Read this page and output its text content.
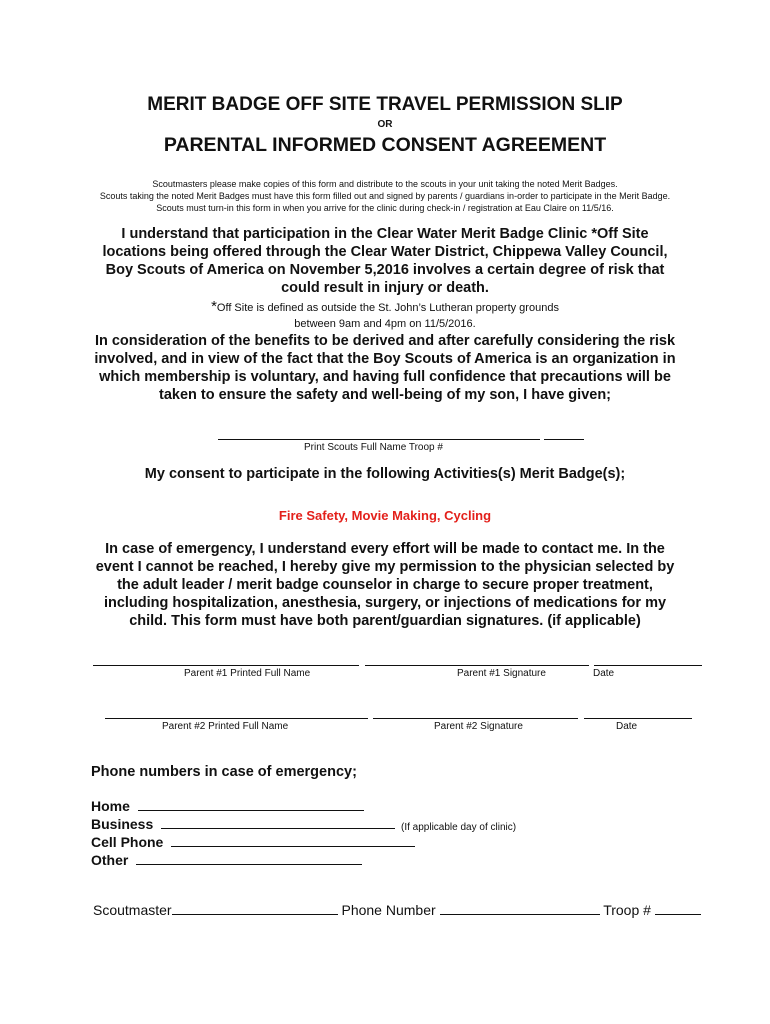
MERIT BADGE OFF SITE TRAVEL PERMISSION SLIP
OR
PARENTAL INFORMED CONSENT AGREEMENT
Scoutmasters please make copies of this form and distribute to the scouts in your unit taking the noted Merit Badges.
Scouts taking the noted Merit Badges must have this form filled out and signed by parents / guardians in-order to participate in the Merit Badge.
Scouts must turn-in this form in when you arrive for the clinic during check-in / registration at Eau Claire on 11/5/16.
I understand that participation in the Clear Water Merit Badge Clinic *Off Site
locations being offered through the Clear Water District, Chippewa Valley Council,
Boy Scouts of America on November 5,2016 involves a certain degree of risk that
could result in injury or death.
*Off Site is defined as outside the St. John’s Lutheran property grounds
between 9am and 4pm on 11/5/2016.
In consideration of the benefits to be derived and after carefully considering the risk
involved, and in view of the fact that the Boy Scouts of America is an organization in
which membership is voluntary, and having full confidence that precautions will be
taken to ensure the safety and well-being of my son, I have given;
Print Scouts Full Name Troop #
My consent to participate in the following Activities(s) Merit Badge(s);
Fire Safety, Movie Making, Cycling
In case of emergency, I understand every effort will be made to contact me. In the
event I cannot be reached, I hereby give my permission to the physician selected by
the adult leader / merit badge counselor in charge to secure proper treatment,
including hospitalization, anesthesia, surgery, or injections of medications for my
child. This form must have both parent/guardian signatures. (if applicable)
Parent #1 Printed Full Name	Parent #1 Signature	Date
Parent #2 Printed Full Name	Parent #2 Signature	Date
Phone numbers in case of emergency;
Home
Business	(If applicable day of clinic)
Cell Phone
Other
Scoutmaster	Phone Number	Troop #
